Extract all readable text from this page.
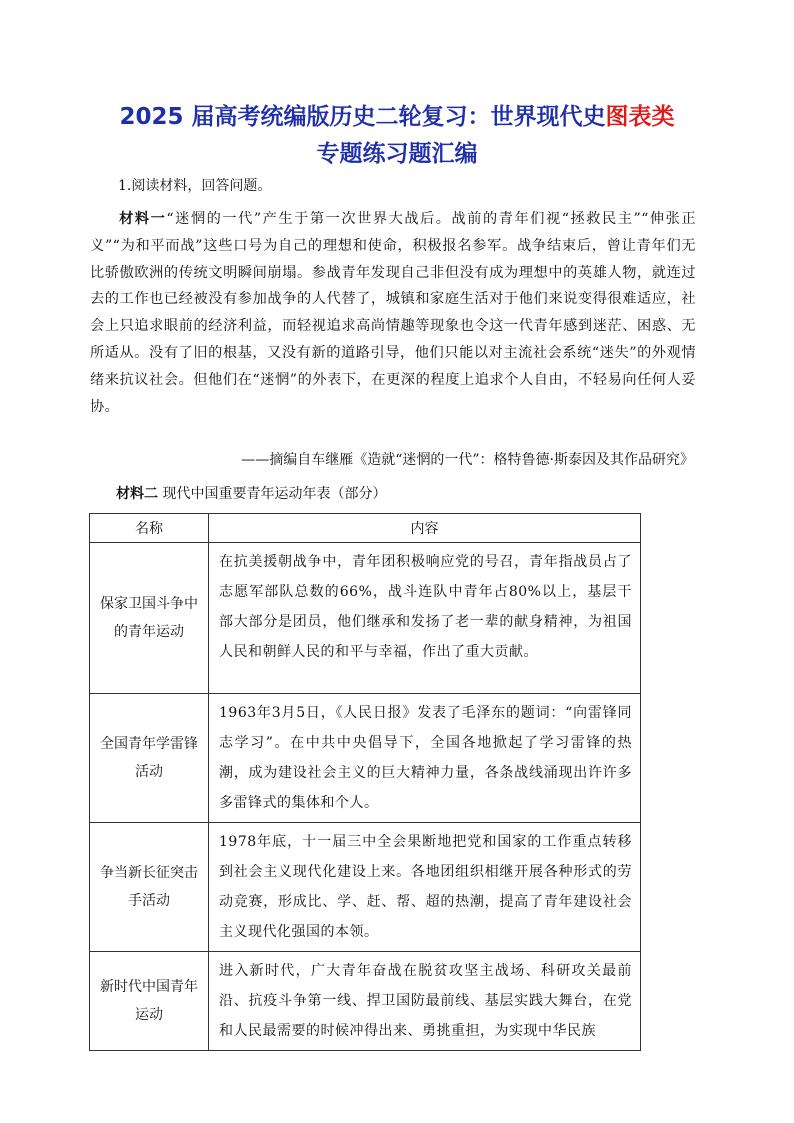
2025 届高考统编版历史二轮复习：世界现代史图表类
专题练习题汇编
1.阅读材料，回答问题。
材料一“迷惘的一代”产生于第一次世界大战后。战前的青年们视“拯救民主”“伸张正义”“为和平而战”这些口号为自己的理想和使命，积极报名参军。战争结束后，曾让青年们无比骄傲欧洲的传统文明瞬间崩塌。参战青年发现自己非但没有成为理想中的英雄人物，就连过去的工作也已经被没有参加战争的人代替了，城镇和家庭生活对于他们来说变得很难适应，社会上只追求眼前的经济利益，而轻视追求高尚情趣等现象也令这一代青年感到迷茫、困惑、无所适从。没有了旧的根基，又没有新的道路引导，他们只能以对主流社会系统“迷失”的外观情绪来抗议社会。但他们在“迷惘”的外表下，在更深的程度上追求个人自由，不轻易向任何人妥协。
——摘编自车继雁《造就“迷惘的一代”：格特鲁德·斯泰因及其作品研究》
材料二 现代中国重要青年运动年表（部分）
名称	内容
保家卫国斗争中的青年运动	在抗美援朝战争中，青年团积极响应党的号召，青年指战员占了志愿军部队总数的66%，战斗连队中青年占80%以上，基层干部大部分是团员，他们继承和发扬了老一辈的献身精神，为祖国人民和朝鲜人民的和平与幸福，作出了重大贡献。
全国青年学雷锋活动	1963年3月5日，《人民日报》发表了毛泽东的题词：“向雷锋同志学习”。在中共中央倡导下，全国各地掀起了学习雷锋的热潮，成为建设社会主义的巨大精神力量，各条战线涌现出许许多多雷锋式的集体和个人。
争当新长征突击手活动	1978年底，十一届三中全会果断地把党和国家的工作重点转移到社会主义现代化建设上来。各地团组织相继开展各种形式的劳动竞赛，形成比、学、赶、帮、超的热潮，提高了青年建设社会主义现代化强国的本领。
新时代中国青年运动	进入新时代，广大青年奋战在脱贫攻坚主战场、科研攻关最前沿、抗疫斗争第一线、捍卫国防最前线、基层实践大舞台，在党和人民最需要的时候冲得出来、勇挑重担，为实现中华民族
